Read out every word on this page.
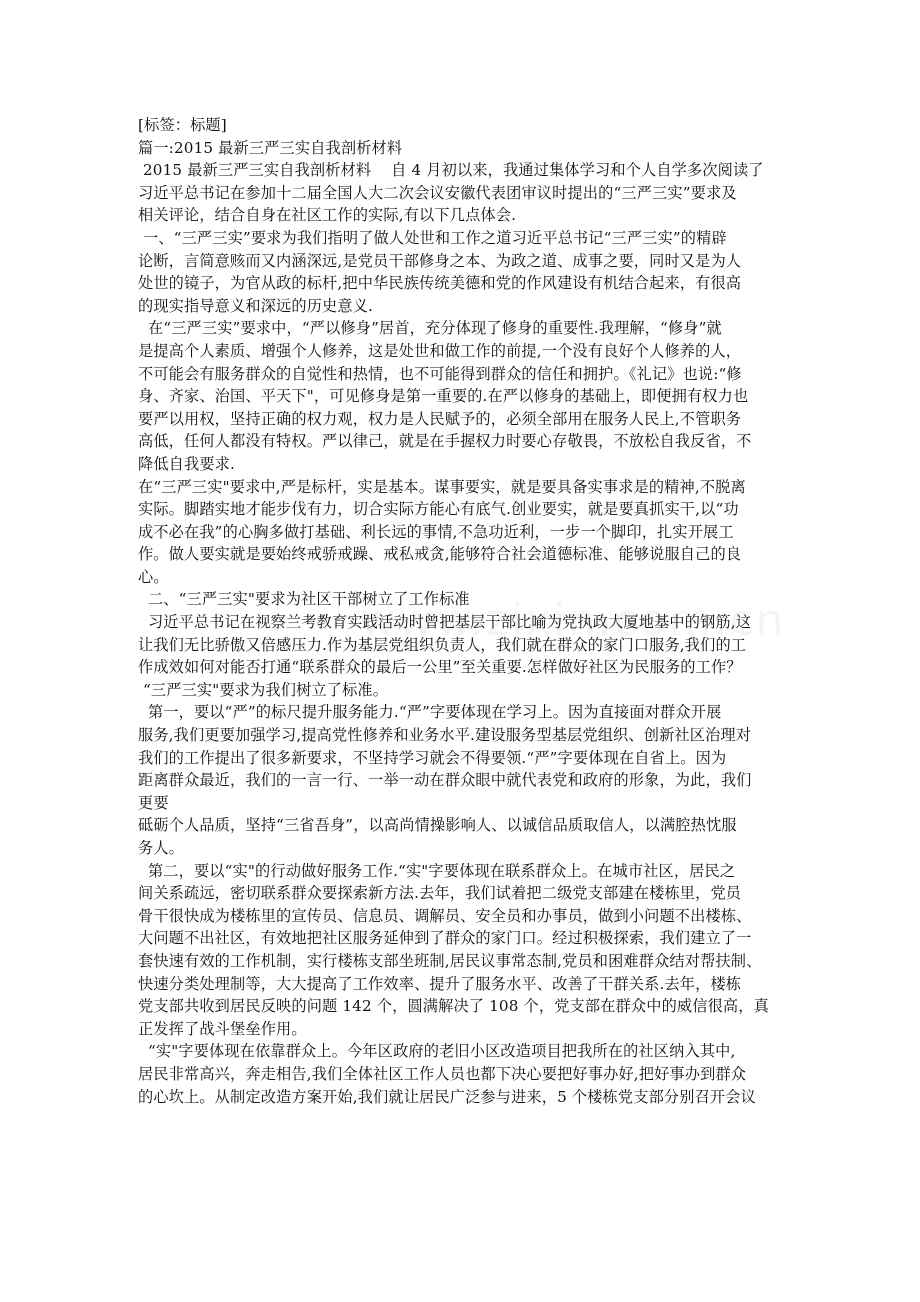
[标签：标题]
篇一:2015 最新三严三实自我剖析材料
2015 最新三严三实自我剖析材料    自 4 月初以来，我通过集体学习和个人自学多次阅读了
习近平总书记在参加十二届全国人大二次会议安徽代表团审议时提出的“三严三实”要求及
相关评论，结合自身在社区工作的实际,有以下几点体会.
一、“三严三实”要求为我们指明了做人处世和工作之道习近平总书记“三严三实”的精辟
论断，言简意赅而又内涵深远,是党员干部修身之本、为政之道、成事之要，同时又是为人
处世的镜子，为官从政的标杆,把中华民族传统美德和党的作风建设有机结合起来，有很高
的现实指导意义和深远的历史意义.
在“三严三实”要求中，“严以修身”居首，充分体现了修身的重要性.我理解，“修身”就
是提高个人素质、增强个人修养，这是处世和做工作的前提,一个没有良好个人修养的人，
不可能会有服务群众的自觉性和热情，也不可能得到群众的信任和拥护。《礼记》也说:“修
身、齐家、治国、平天下"，可见修身是第一重要的.在严以修身的基础上，即便拥有权力也
要严以用权，坚持正确的权力观，权力是人民赋予的，必须全部用在服务人民上,不管职务
高低，任何人都没有特权。严以律己，就是在手握权力时要心存敬畏，不放松自我反省，不
降低自我要求.
在“三严三实"要求中,严是标杆，实是基本。谋事要实，就是要具备实事求是的精神,不脱离
实际。脚踏实地才能步伐有力，切合实际方能心有底气.创业要实，就是要真抓实干,以“功
成不必在我”的心胸多做打基础、利长远的事情,不急功近利，一步一个脚印，扎实开展工
作。做人要实就是要始终戒骄戒躁、戒私戒贪,能够符合社会道德标准、能够说服自己的良
心。
二、“三严三实"要求为社区干部树立了工作标准
习近平总书记在视察兰考教育实践活动时曾把基层干部比喻为党执政大厦地基中的钢筋,这
让我们无比骄傲又倍感压力.作为基层党组织负责人，我们就在群众的家门口服务,我们的工
作成效如何对能否打通“联系群众的最后一公里”至关重要.怎样做好社区为民服务的工作？
“三严三实"要求为我们树立了标准。
第一，要以“严”的标尺提升服务能力.“严”字要体现在学习上。因为直接面对群众开展
服务,我们更要加强学习,提高党性修养和业务水平.建设服务型基层党组织、创新社区治理对
我们的工作提出了很多新要求，不坚持学习就会不得要领.“严”字要体现在自省上。因为
距离群众最近，我们的一言一行、一举一动在群众眼中就代表党和政府的形象，为此，我们
更要
砥砺个人品质，坚持“三省吾身”，以高尚情操影响人、以诚信品质取信人，以满腔热忱服
务人。
第二，要以“实"的行动做好服务工作.“实"字要体现在联系群众上。在城市社区，居民之
间关系疏远，密切联系群众要探索新方法.去年，我们试着把二级党支部建在楼栋里，党员
骨干很快成为楼栋里的宣传员、信息员、调解员、安全员和办事员，做到小问题不出楼栋、
大问题不出社区，有效地把社区服务延伸到了群众的家门口。经过积极探索，我们建立了一
套快速有效的工作机制，实行楼栋支部坐班制,居民议事常态制,党员和困难群众结对帮扶制、
快速分类处理制等，大大提高了工作效率、提升了服务水平、改善了干群关系.去年，楼栋
党支部共收到居民反映的问题 142 个，圆满解决了 108 个，党支部在群众中的威信很高，真
正发挥了战斗堡垒作用。
“实"字要体现在依靠群众上。今年区政府的老旧小区改造项目把我所在的社区纳入其中,
居民非常高兴，奔走相告,我们全体社区工作人员也都下决心要把好事办好,把好事办到群众
的心坎上。从制定改造方案开始,我们就让居民广泛参与进来，5 个楼栋党支部分别召开会议
